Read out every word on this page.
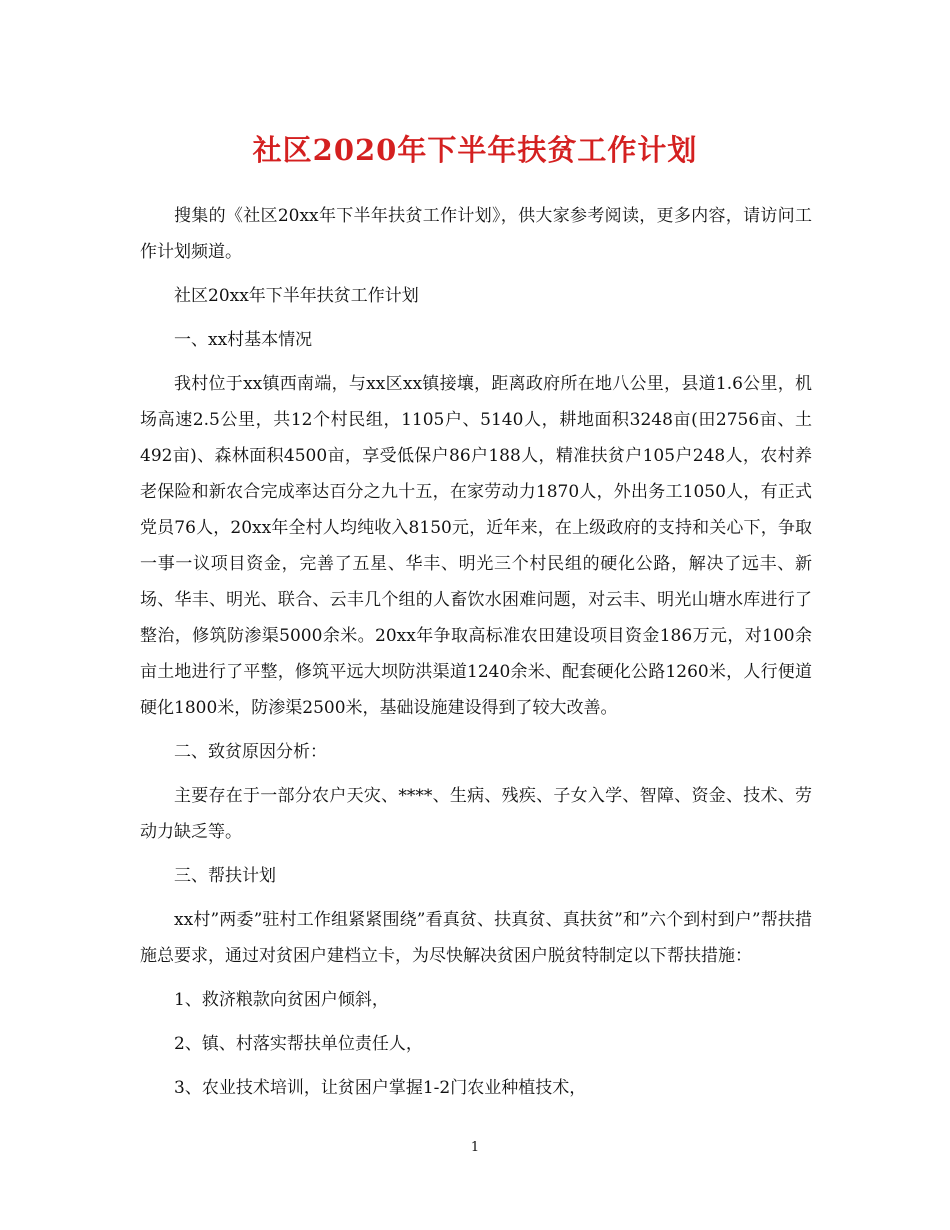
社区2020年下半年扶贫工作计划

搜集的《社区20xx年下半年扶贫工作计划》，供大家参考阅读，更多内容，请访问工作计划频道。

社区20xx年下半年扶贫工作计划

一、xx村基本情况

我村位于xx镇西南端，与xx区xx镇接壤，距离政府所在地八公里，县道1.6公里，机场高速2.5公里，共12个村民组，1105户、5140人，耕地面积3248亩(田2756亩、土492亩)、森林面积4500亩，享受低保户86户188人，精准扶贫户105户248人，农村养老保险和新农合完成率达百分之九十五，在家劳动力1870人，外出务工1050人，有正式党员76人，20xx年全村人均纯收入8150元，近年来，在上级政府的支持和关心下，争取一事一议项目资金，完善了五星、华丰、明光三个村民组的硬化公路，解决了远丰、新场、华丰、明光、联合、云丰几个组的人畜饮水困难问题，对云丰、明光山塘水库进行了整治，修筑防渗渠5000余米。20xx年争取高标准农田建设项目资金186万元，对100余亩土地进行了平整，修筑平远大坝防洪渠道1240余米、配套硬化公路1260米，人行便道硬化1800米，防渗渠2500米，基础设施建设得到了较大改善。

二、致贫原因分析：

主要存在于一部分农户天灾、****、生病、残疾、子女入学、智障、资金、技术、劳动力缺乏等。

三、帮扶计划

xx村”两委”驻村工作组紧紧围绕”看真贫、扶真贫、真扶贫”和”六个到村到户”帮扶措施总要求，通过对贫困户建档立卡，为尽快解决贫困户脱贫特制定以下帮扶措施：

1、救济粮款向贫困户倾斜，

2、镇、村落实帮扶单位责任人，

3、农业技术培训，让贫困户掌握1-2门农业种植技术，

1
